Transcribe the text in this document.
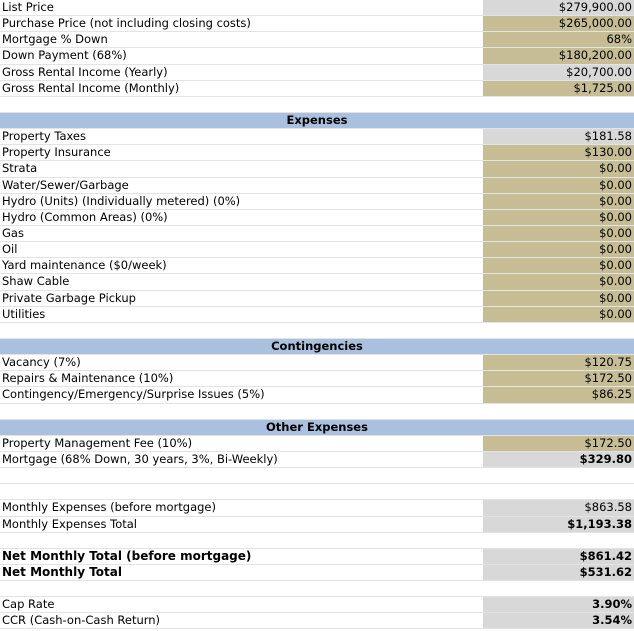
List Price	$279,900.00
Purchase Price (not including closing costs)	$265,000.00
Mortgage % Down	68%
Down Payment (68%)	$180,200.00
Gross Rental Income (Yearly)	$20,700.00
Gross Rental Income (Monthly)	$1,725.00
Expenses
Property Taxes	$181.58
Property Insurance	$130.00
Strata	$0.00
Water/Sewer/Garbage	$0.00
Hydro (Units) (Individually metered) (0%)	$0.00
Hydro (Common Areas) (0%)	$0.00
Gas	$0.00
Oil	$0.00
Yard maintenance ($0/week)	$0.00
Shaw Cable	$0.00
Private Garbage Pickup	$0.00
Utilities	$0.00
Contingencies
Vacancy (7%)	$120.75
Repairs & Maintenance (10%)	$172.50
Contingency/Emergency/Surprise Issues (5%)	$86.25
Other Expenses
Property Management Fee (10%)	$172.50
Mortgage (68% Down, 30 years, 3%, Bi-Weekly)	$329.80
Monthly Expenses (before mortgage)	$863.58
Monthly Expenses Total	$1,193.38
Net Monthly Total (before mortgage)	$861.42
Net Monthly Total	$531.62
Cap Rate	3.90%
CCR (Cash-on-Cash Return)	3.54%
